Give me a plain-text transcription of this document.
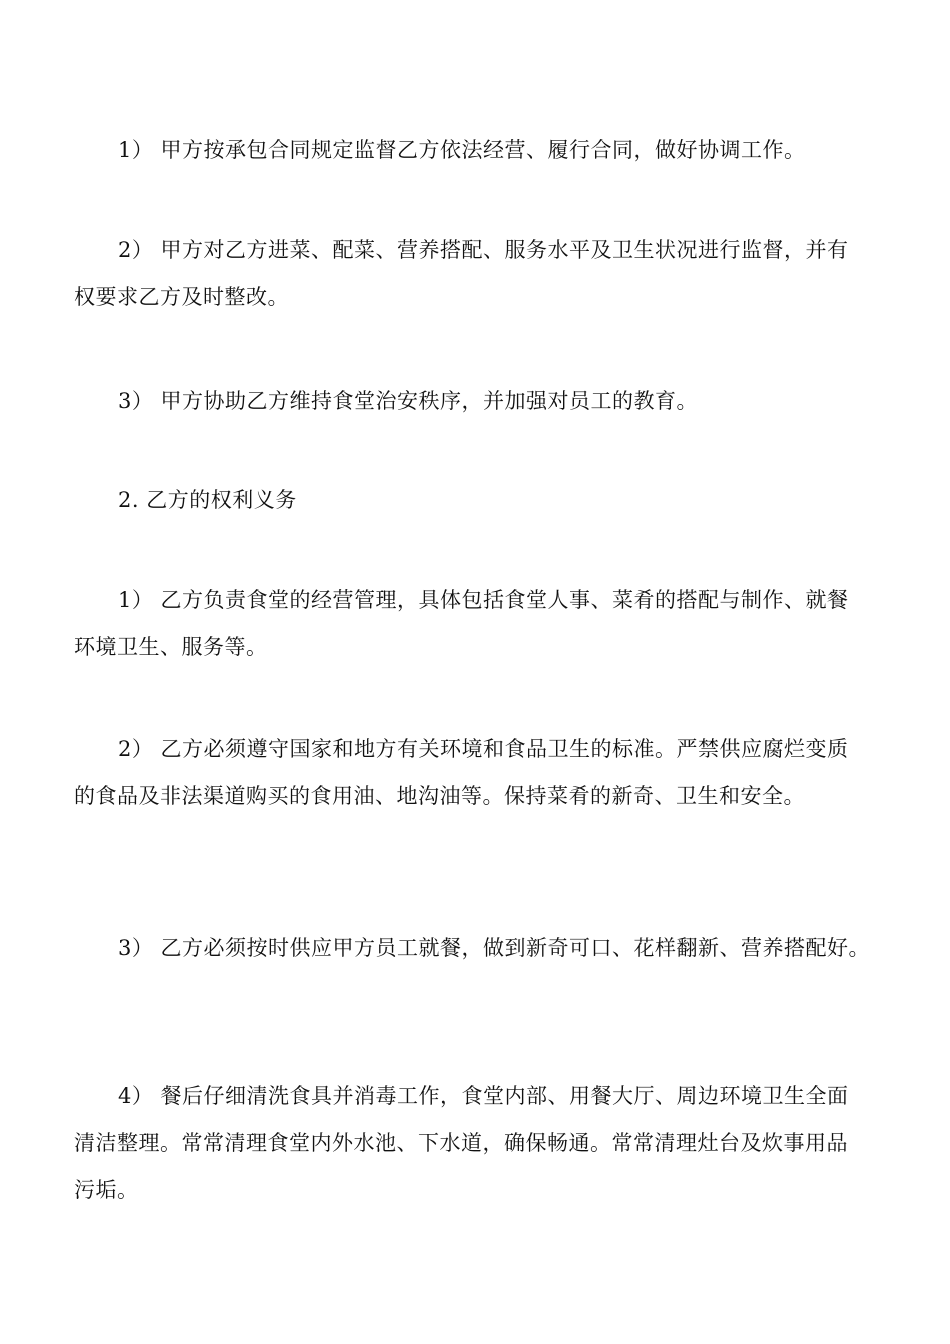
1） 甲方按承包合同规定监督乙方依法经营、履行合同，做好协调工作。

2） 甲方对乙方进菜、配菜、营养搭配、服务水平及卫生状况进行监督，并有
权要求乙方及时整改。

3） 甲方协助乙方维持食堂治安秩序，并加强对员工的教育。

2. 乙方的权利义务

1） 乙方负责食堂的经营管理，具体包括食堂人事、菜肴的搭配与制作、就餐
环境卫生、服务等。

2） 乙方必须遵守国家和地方有关环境和食品卫生的标准。严禁供应腐烂变质
的食品及非法渠道购买的食用油、地沟油等。保持菜肴的新奇、卫生和安全。

3） 乙方必须按时供应甲方员工就餐，做到新奇可口、花样翻新、营养搭配好。

4） 餐后仔细清洗食具并消毒工作，食堂内部、用餐大厅、周边环境卫生全面
清洁整理。常常清理食堂内外水池、下水道，确保畅通。常常清理灶台及炊事用品
污垢。
